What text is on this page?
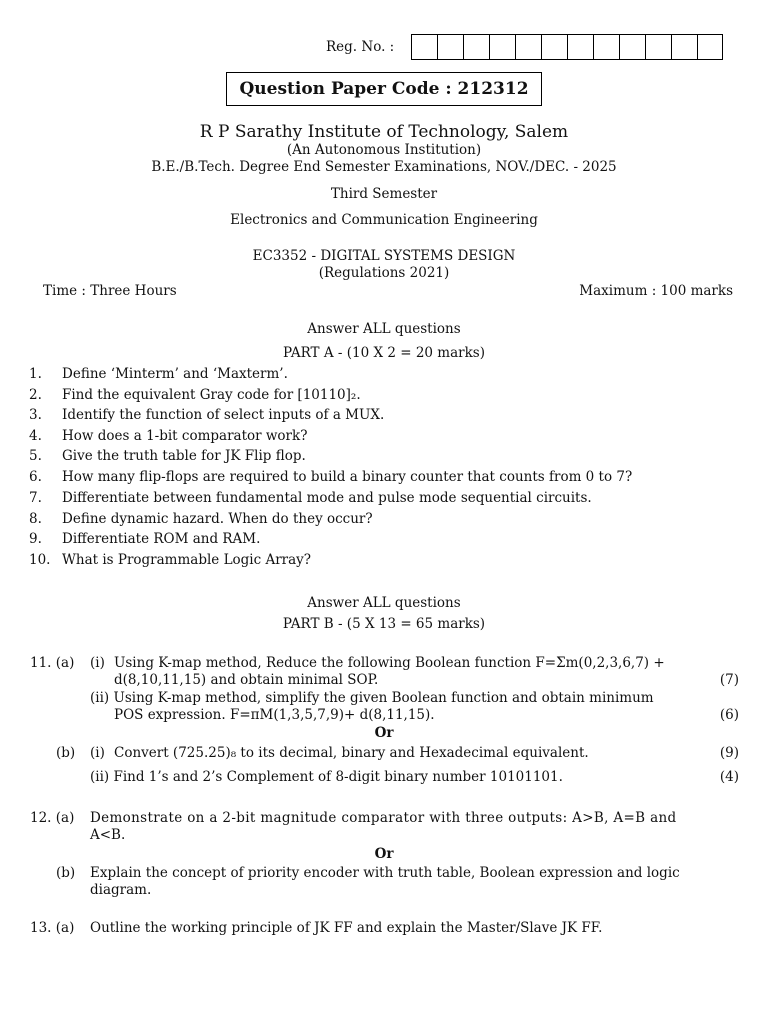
Reg. No. :
Question Paper Code : 212312
R P Sarathy Institute of Technology, Salem
(An Autonomous Institution)
B.E./B.Tech. Degree End Semester Examinations, NOV./DEC. - 2025
Third Semester
Electronics and Communication Engineering
EC3352 - DIGITAL SYSTEMS DESIGN
(Regulations 2021)
Time : Three Hours	Maximum : 100 marks
Answer ALL questions
PART A - (10 X 2 = 20 marks)
1. Define ‘Minterm’ and ‘Maxterm’.
2. Find the equivalent Gray code for [10110]₂.
3. Identify the function of select inputs of a MUX.
4. How does a 1-bit comparator work?
5. Give the truth table for JK Flip flop.
6. How many flip-flops are required to build a binary counter that counts from 0 to 7?
7. Differentiate between fundamental mode and pulse mode sequential circuits.
8. Define dynamic hazard. When do they occur?
9. Differentiate ROM and RAM.
10. What is Programmable Logic Array?
Answer ALL questions
PART B - (5 X 13 = 65 marks)
11. (a) (i) Using K-map method, Reduce the following Boolean function F=Σm(0,2,3,6,7) +
d(8,10,11,15) and obtain minimal SOP.	(7)
(ii) Using K-map method, simplify the given Boolean function and obtain minimum
POS expression. F=πM(1,3,5,7,9)+ d(8,11,15).	(6)
Or
(b) (i) Convert (725.25)₈ to its decimal, binary and Hexadecimal equivalent.	(9)
(ii) Find 1’s and 2’s Complement of 8-digit binary number 10101101.	(4)
12. (a) Demonstrate on a 2-bit magnitude comparator with three outputs: A>B, A=B and
A<B.
Or
(b) Explain the concept of priority encoder with truth table, Boolean expression and logic
diagram.
13. (a) Outline the working principle of JK FF and explain the Master/Slave JK FF.
